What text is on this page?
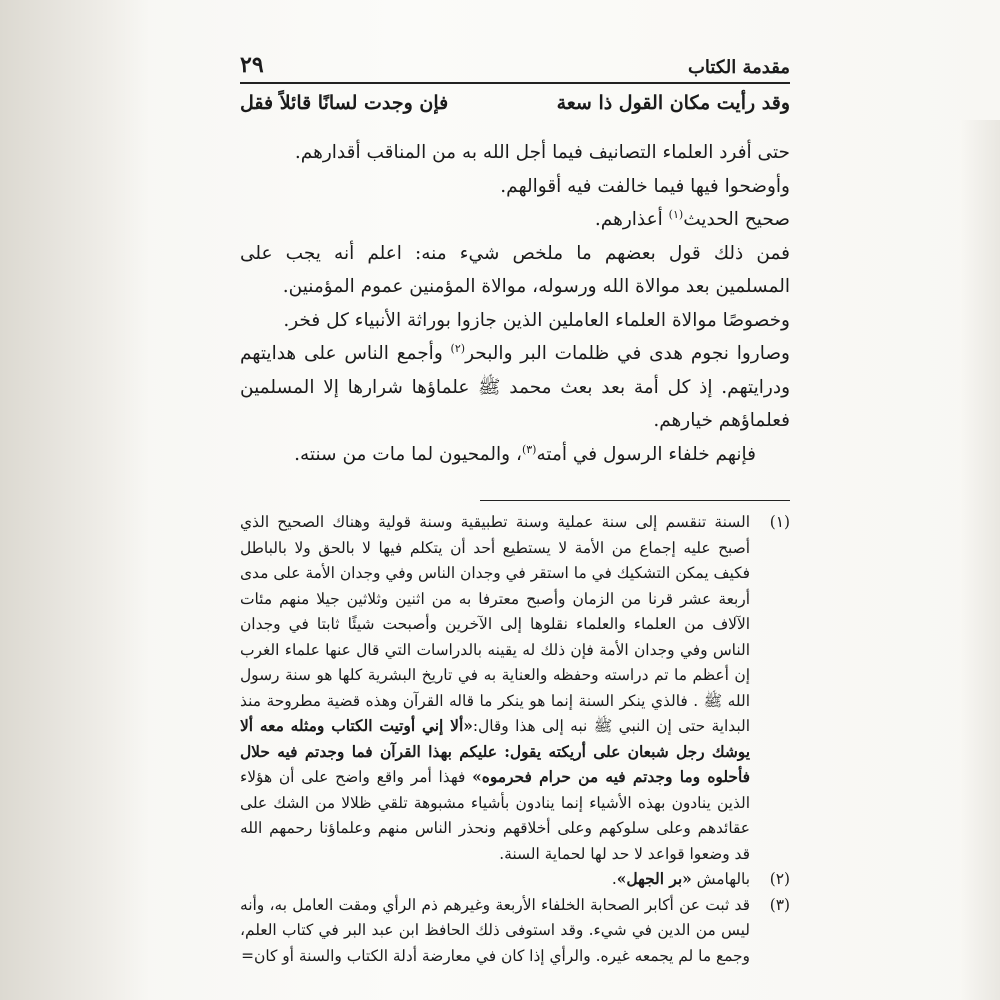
مقدمة الكتاب
٢٩
وقد رأيت مكان القول ذا سعة
فإن وجدت لسانًا قائلاً فقل

حتى أفرد العلماء التصانيف فيما أجل الله به من المناقب أقدارهم.

وأوضحوا فيها فيما خالفت فيه أقوالهم.

صحيح الحديث$^{(١)}$ أعذارهم.

فمن ذلك قول بعضهم ما ملخص شيء منه: اعلم أنه يجب على المسلمين بعد موالاة الله ورسوله، موالاة المؤمنين عموم المؤمنين.

وخصوصًا موالاة العلماء العاملين الذين جازوا بوراثة الأنبياء كل فخر.

وصاروا نجوم هدى في ظلمات البر والبحر$^{(٢)}$ وأجمع الناس على هدايتهم ودرايتهم. إذ كل أمة بعد بعث محمد ﷺ علماؤها شرارها إلا المسلمين فعلماؤهم خيارهم.

فإنهم خلفاء الرسول في أمته$^{(٣)}$، والمحيون لما مات من سنته.

(١)

السنة تنقسم إلى سنة عملية وسنة تطبيقية وسنة قولية وهناك الصحيح الذي أصبح عليه إجماع من الأمة لا يستطيع أحد أن يتكلم فيها لا بالحق ولا بالباطل فكيف يمكن التشكيك في ما استقر في وجدان الناس وفي وجدان الأمة على مدى أربعة عشر قرنا من الزمان وأصبح معترفا به من اثنين وثلاثين جيلا منهم مئات الآلاف من العلماء والعلماء نقلوها إلى الآخرين وأصبحت شيئًا ثابتا في وجدان الناس وفي وجدان الأمة فإن ذلك له يقينه بالدراسات التي قال عنها علماء الغرب إن أعظم ما تم دراسته وحفظه والعناية به في تاريخ البشرية كلها هو سنة رسول الله ﷺ . فالذي ينكر السنة إنما هو ينكر ما قاله القرآن وهذه قضية مطروحة منذ البداية حتى إن النبي ﷺ نبه إلى هذا وقال:«ألا إني أوتيت الكتاب ومثله معه ألا يوشك رجل شبعان على أريكته يقول: عليكم بهذا القرآن فما وجدتم فيه حلال فأحلوه وما وجدتم فيه من حرام فحرموه» فهذا أمر واقع واضح على أن هؤلاء الذين ينادون بهذه الأشياء إنما ينادون بأشياء مشبوهة تلقي ظلالا من الشك على عقائدهم وعلى سلوكهم وعلى أخلاقهم ونحذر الناس منهم وعلماؤنا رحمهم الله قد وضعوا قواعد لا حد لها لحماية السنة.

(٢)

بالهامش «بر الجهل».

(٣)

قد ثبت عن أكابر الصحابة الخلفاء الأربعة وغيرهم ذم الرأي ومقت العامل به، وأنه ليس من الدين في شيء. وقد استوفى ذلك الحافظ ابن عبد البر في كتاب العلم، وجمع ما لم يجمعه غيره. والرأي إذا كان في معارضة أدلة الكتاب والسنة أو كان=
